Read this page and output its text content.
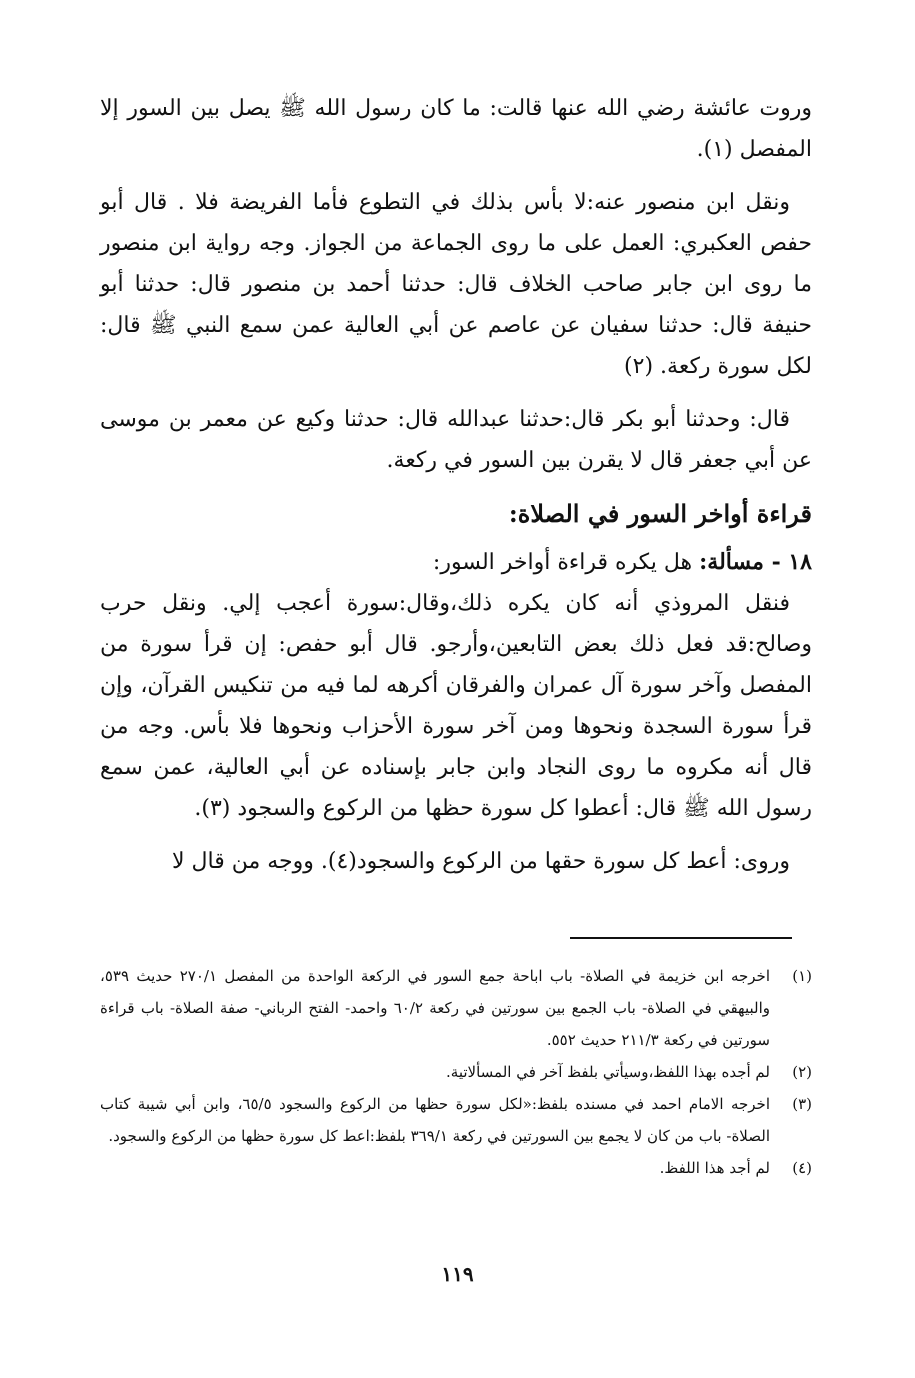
وروت عائشة رضي الله عنها قالت: ما كان رسول الله ﷺ يصل بين السور إلا المفصل (١).

ونقل ابن منصور عنه:لا بأس بذلك في التطوع فأما الفريضة فلا . قال أبو حفص العكبري: العمل على ما روى الجماعة من الجواز. وجه رواية ابن منصور ما روى ابن جابر صاحب الخلاف قال: حدثنا أحمد بن منصور قال: حدثنا أبو حنيفة قال: حدثنا سفيان عن عاصم عن أبي العالية عمن سمع النبي ﷺ قال: لكل سورة ركعة. (٢)

قال: وحدثنا أبو بكر قال:حدثنا عبدالله قال: حدثنا وكيع عن معمر بن موسى عن أبي جعفر قال لا يقرن بين السور في ركعة.

قراءة أواخر السور في الصلاة:

١٨ - مسألة: هل يكره قراءة أواخر السور:

فنقل المروذي أنه كان يكره ذلك،وقال:سورة أعجب إلي. ونقل حرب وصالح:قد فعل ذلك بعض التابعين،وأرجو. قال أبو حفص: إن قرأ سورة من المفصل وآخر سورة آل عمران والفرقان أكرهه لما فيه من تنكيس القرآن، وإن قرأ سورة السجدة ونحوها ومن آخر سورة الأحزاب ونحوها فلا بأس. وجه من قال أنه مكروه ما روى النجاد وابن جابر بإسناده عن أبي العالية، عمن سمع رسول الله ﷺ قال: أعطوا كل سورة حظها من الركوع والسجود (٣).

وروى: أعط كل سورة حقها من الركوع والسجود(٤). ووجه من قال لا

(١)
اخرجه ابن خزيمة في الصلاة- باب اباحة جمع السور في الركعة الواحدة من المفصل ٢٧٠/١ حديث ٥٣٩، والبيهقي في الصلاة- باب الجمع بين سورتين في ركعة ٦٠/٢ واحمد- الفتح الرباني- صفة الصلاة- باب قراءة سورتين في ركعة ٢١١/٣ حديث ٥٥٢.
(٢)
لم أجده بهذا اللفظ،وسيأتي بلفظ آخر في المسألاتية.
(٣)
اخرجه الامام احمد في مسنده بلفظ:«لكل سورة حظها من الركوع والسجود ٦٥/٥، وابن أبي شيبة كتاب الصلاة- باب من كان لا يجمع بين السورتين في ركعة ٣٦٩/١ بلفظ:اعط كل سورة حظها من الركوع والسجود.
(٤)
لم أجد هذا اللفظ.
١١٩
